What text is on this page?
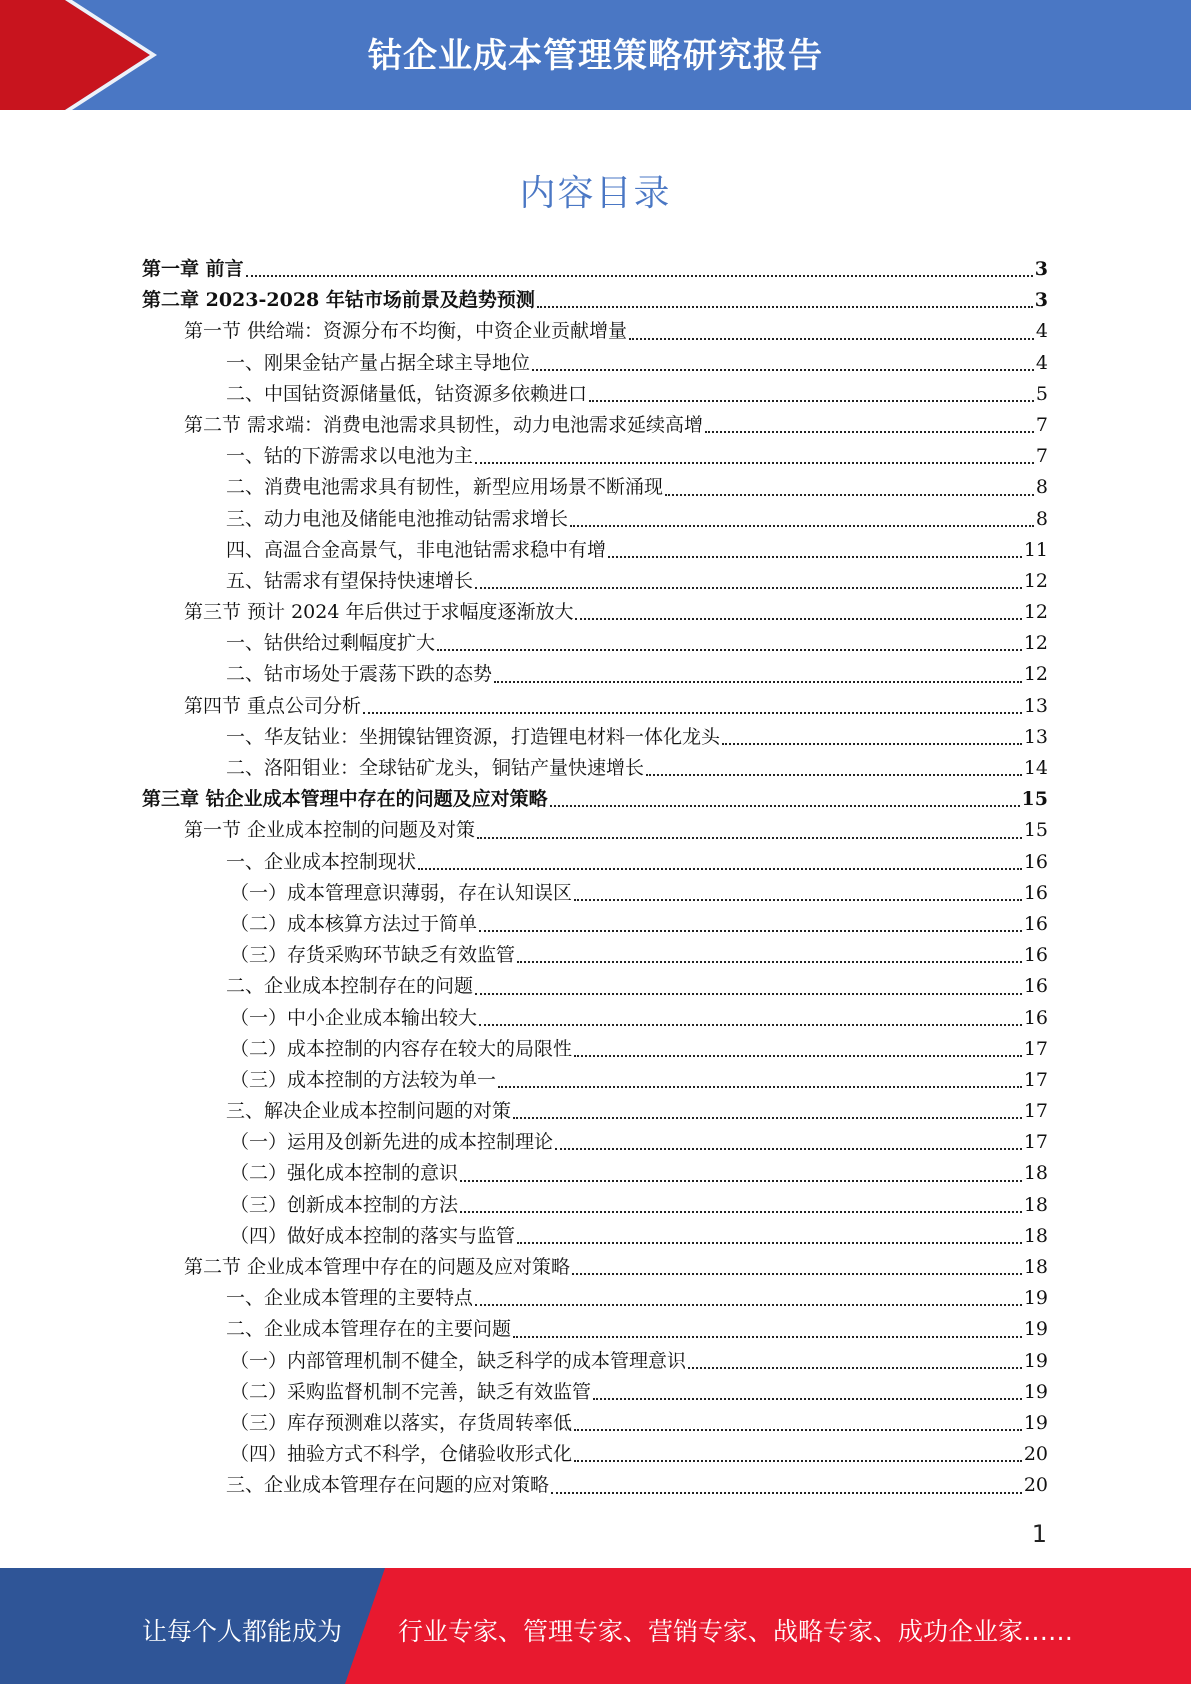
钴企业成本管理策略研究报告
内容目录
第一章 前言	3
第二章 2023-2028 年钴市场前景及趋势预测	3
第一节 供给端：资源分布不均衡，中资企业贡献增量	4
一、刚果金钴产量占据全球主导地位	4
二、中国钴资源储量低，钴资源多依赖进口	5
第二节 需求端：消费电池需求具韧性，动力电池需求延续高增	7
一、钴的下游需求以电池为主	7
二、消费电池需求具有韧性，新型应用场景不断涌现	8
三、动力电池及储能电池推动钴需求增长	8
四、高温合金高景气，非电池钴需求稳中有增	11
五、钴需求有望保持快速增长	12
第三节 预计 2024 年后供过于求幅度逐渐放大	12
一、钴供给过剩幅度扩大	12
二、钴市场处于震荡下跌的态势	12
第四节 重点公司分析	13
一、华友钴业：坐拥镍钴锂资源，打造锂电材料一体化龙头	13
二、洛阳钼业：全球钴矿龙头，铜钴产量快速增长	14
第三章 钴企业成本管理中存在的问题及应对策略	15
第一节 企业成本控制的问题及对策	15
一、企业成本控制现状	16
（一）成本管理意识薄弱，存在认知误区	16
（二）成本核算方法过于简单	16
（三）存货采购环节缺乏有效监管	16
二、企业成本控制存在的问题	16
（一）中小企业成本输出较大	16
（二）成本控制的内容存在较大的局限性	17
（三）成本控制的方法较为单一	17
三、解决企业成本控制问题的对策	17
（一）运用及创新先进的成本控制理论	17
（二）强化成本控制的意识	18
（三）创新成本控制的方法	18
（四）做好成本控制的落实与监管	18
第二节 企业成本管理中存在的问题及应对策略	18
一、企业成本管理的主要特点	19
二、企业成本管理存在的主要问题	19
（一）内部管理机制不健全，缺乏科学的成本管理意识	19
（二）采购监督机制不完善，缺乏有效监管	19
（三）库存预测难以落实，存货周转率低	19
（四）抽验方式不科学，仓储验收形式化	20
三、企业成本管理存在问题的应对策略	20
1
让每个人都能成为 行业专家、管理专家、营销专家、战略专家、成功企业家……
